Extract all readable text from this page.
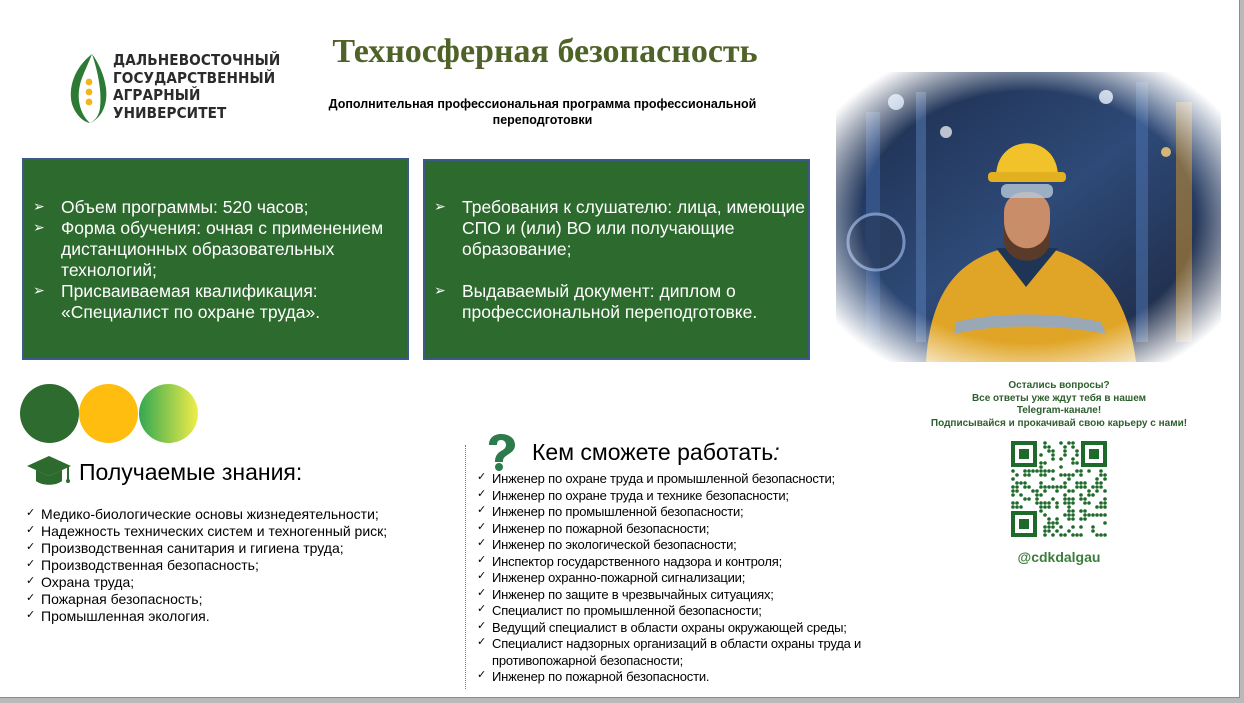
ДАЛЬНЕВОСТОЧНЫЙ
ГОСУДАРСТВЕННЫЙ
АГРАРНЫЙ
УНИВЕРСИТЕТ
Техносферная безопасность
Дополнительная профессиональная программа профессиональной переподготовки
➢ Объем программы: 520 часов;
➢ Форма обучения: очная с применением дистанционных образовательных технологий;
➢ Присваиваемая квалификация: «Специалист по охране труда».
➢ Требования к слушателю: лица, имеющие СПО и (или) ВО или получающие образование;
➢ Выдаваемый документ: диплом о профессиональной переподготовке.
Получаемые знания:
✓ Медико-биологические основы жизнедеятельности;
✓ Надежность технических систем и техногенный риск;
✓ Производственная санитария и гигиена труда;
✓ Производственная безопасность;
✓ Охрана труда;
✓ Пожарная безопасность;
✓ Промышленная экология.
Кем сможете работать:
✓ Инженер по охране труда и промышленной безопасности;
✓ Инженер по охране труда и технике безопасности;
✓ Инженер по промышленной безопасности;
✓ Инженер по пожарной безопасности;
✓ Инженер по экологической безопасности;
✓ Инспектор государственного надзора и контроля;
✓ Инженер охранно-пожарной сигнализации;
✓ Инженер по защите в чрезвычайных ситуациях;
✓ Специалист по промышленной безопасности;
✓ Ведущий специалист в области охраны окружающей среды;
✓ Специалист надзорных организаций в области охраны труда и противопожарной безопасности;
✓ Инженер по пожарной безопасности.
Остались вопросы?
Все ответы уже ждут тебя в нашем
Telegram-канале!
Подписывайся и прокачивай свою карьеру с нами!
@cdkdalgau
